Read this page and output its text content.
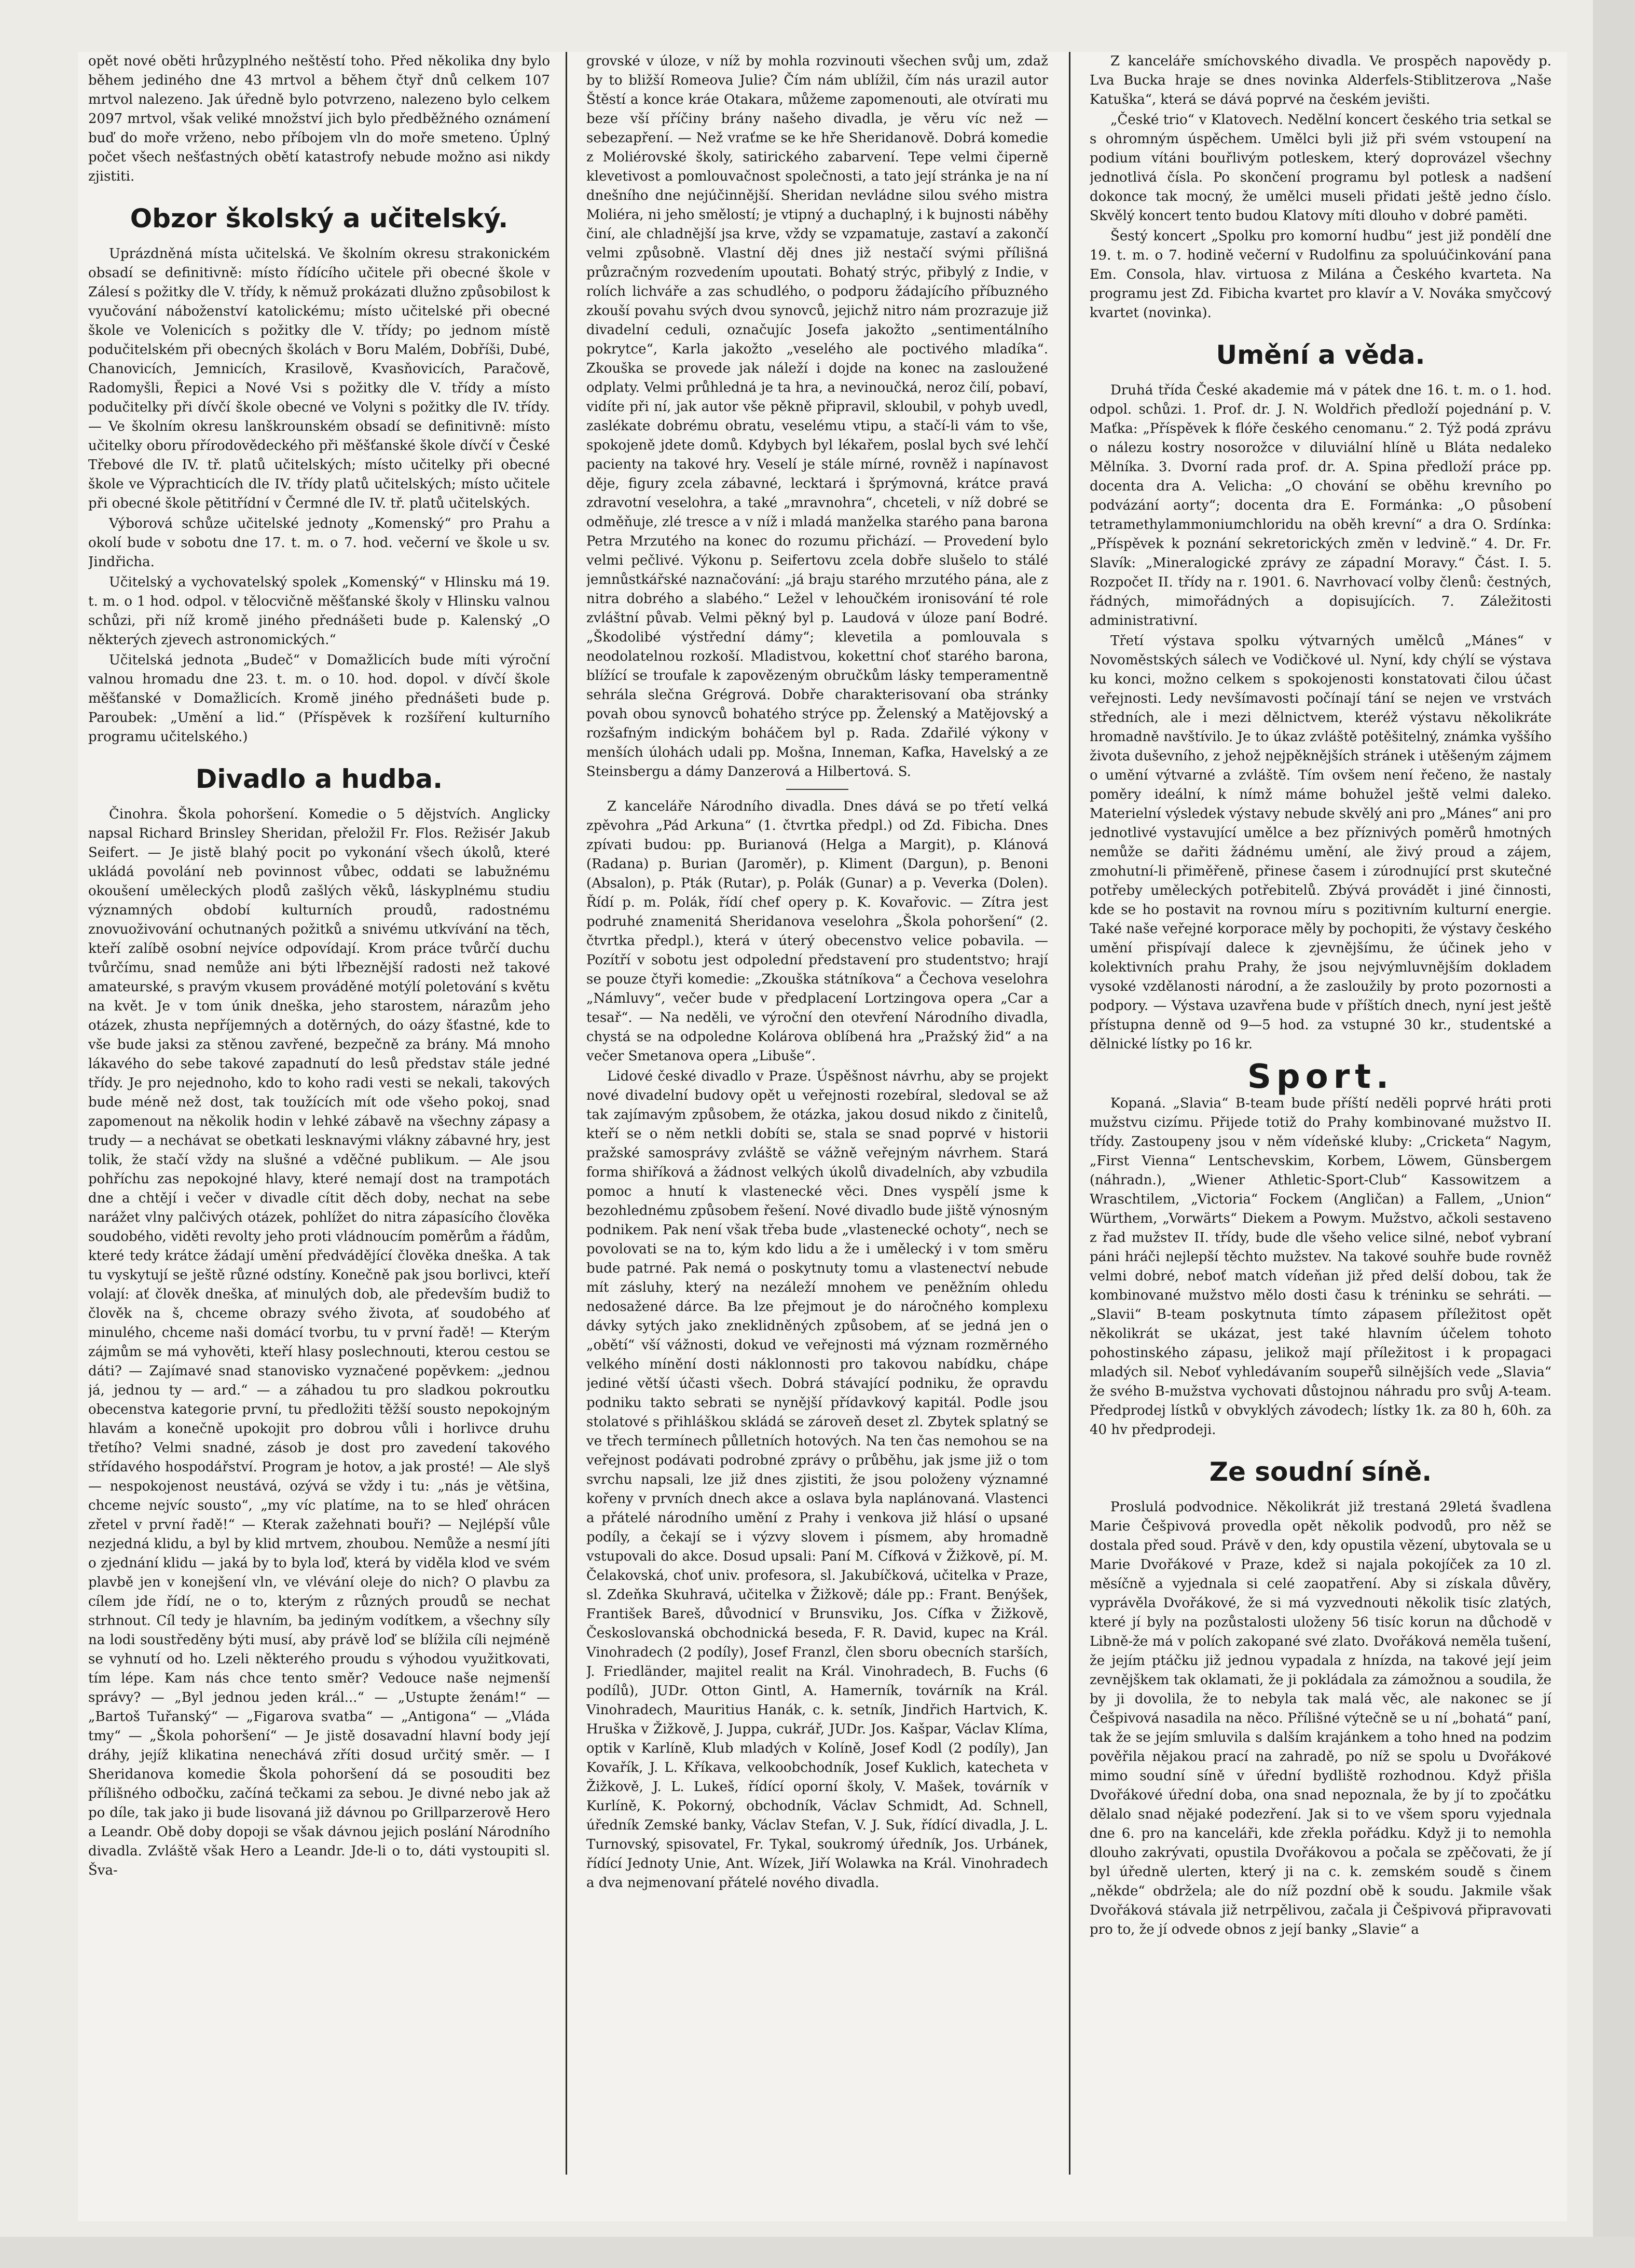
opět nové oběti hrůzyplného neštěstí toho. Před několika dny bylo během jediného dne 43 mrtvol a během čtyř dnů celkem 107 mrtvol nalezeno. Jak úředně bylo potvrzeno, nalezeno bylo celkem 2097 mrtvol, však veliké množství jich bylo předběžného oznámení buď do moře vrženo, nebo příbojem vln do moře smeteno. Úplný počet všech nešťastných obětí katastrofy nebude možno asi nikdy zjistiti.

Obzor školský a učitelský.

Uprázdněná místa učitelská. Ve školním okresu strakonickém obsadí se definitivně: místo řídícího učitele při obecné škole v Zálesí s požitky dle V. třídy, k němuž prokázati dlužno způsobilost k vyučování náboženství katolickému; místo učitelské při obecné škole ve Volenicích s požitky dle V. třídy; po jednom místě podučitelském při obecných školách v Boru Malém, Dobříši, Dubé, Chanovicích, Jemnicích, Krasilově, Kvasňovicích, Paračově, Radomyšli, Řepici a Nové Vsi s požitky dle V. třídy a místo podučitelky při dívčí škole obecné ve Volyni s požitky dle IV. třídy. — Ve školním okresu lanškrounském obsadí se definitivně: místo učitelky oboru přírodovědeckého při měšťanské škole dívčí v České Třebové dle IV. tř. platů učitelských; místo učitelky při obecné škole ve Výprachticích dle IV. třídy platů učitelských; místo učitele při obecné škole pětitřídní v Čermné dle IV. tř. platů učitelských.

Výborová schůze učitelské jednoty „Komenský“ pro Prahu a okolí bude v sobotu dne 17. t. m. o 7. hod. večerní ve škole u sv. Jindřicha.

Učitelský a vychovatelský spolek „Komenský“ v Hlinsku má 19. t. m. o 1 hod. odpol. v tělocvičně měšťanské školy v Hlinsku valnou schůzi, při níž kromě jiného přednášeti bude p. Kalenský „O některých zjevech astronomických.“

Učitelská jednota „Budeč“ v Domažlicích bude míti výroční valnou hromadu dne 23. t. m. o 10. hod. dopol. v dívčí škole měšťanské v Domažlicích. Kromě jiného přednášeti bude p. Paroubek: „Umění a lid.“ (Příspěvek k rozšíření kulturního programu učitelského.)

Divadlo a hudba.

Činohra. Škola pohoršení. Komedie o 5 dějstvích. Anglicky napsal Richard Brinsley Sheridan, přeložil Fr. Flos. Režisér Jakub Seifert. — Je jistě blahý pocit po vykonání všech úkolů, které ukládá povolání neb povinnost vůbec, oddati se labužnému okoušení uměleckých plodů zašlých věků, láskyplnému studiu významných období kulturních proudů, radostnému znovuoživování ochutnaných požitků a snivému utkvívání na těch, kteří zalíbě osobní nejvíce odpovídají. Krom práce tvůrčí duchu tvůrčímu, snad nemůže ani býti lřbeznější radosti než takové amateurské, s pravým vkusem prováděné motýlí poletování s květu na květ. Je v tom únik dneška, jeho starostem, nárazům jeho otázek, zhusta nepříjemných a dotěrných, do oázy šťastné, kde to vše bude jaksi za stěnou zavřené, bezpečně za brány. Má mnoho lákavého do sebe takové zapadnutí do lesů představ stále jedné třídy. Je pro nejednoho, kdo to koho radi vesti se nekali, takových bude méně než dost, tak toužících mít ode všeho pokoj, snad zapomenout na několik hodin v lehké zábavě na všechny zápasy a trudy — a nechávat se obetkati lesknavými vlákny zábavné hry, jest tolik, že stačí vždy na slušné a vděčné publikum. — Ale jsou pohříchu zas nepokojné hlavy, které nemají dost na trampotách dne a chtějí i večer v divadle cítit děch doby, nechat na sebe narážet vlny palčivých otázek, pohlížet do nitra zápasícího člověka soudobého, viděti revolty jeho proti vládnoucím poměrům a řádům, které tedy krátce žádají umění předvádějící člověka dneška. A tak tu vyskytují se ještě různé odstíny. Konečně pak jsou borlivci, kteří volají: ať člověk dneška, ať minulých dob, ale především budiž to člověk na š, chceme obrazy svého života, ať soudobého ať minulého, chceme naši domácí tvorbu, tu v první řadě! — Kterým zájmům se má vyhověti, kteří hlasy poslechnouti, kterou cestou se dáti? — Zajímavé snad stanovisko vyznačené popěvkem: „jednou já, jednou ty — ard.“ — a záhadou tu pro sladkou pokroutku obecenstva kategorie první, tu předložiti těžší sousto nepokojným hlavám a konečně upokojit pro dobrou vůli i horlivce druhu třetího? Velmi snadné, zásob je dost pro zavedení takového střídavého hospodářství. Program je hotov, a jak prosté! — Ale slyš — nespokojenost neustává, ozývá se vždy i tu: „nás je většina, chceme nejvíc sousto“, „my víc platíme, na to se hleď ohrácen zřetel v první řadě!“ — Kterak zažehnati bouři? — Nejlépší vůle nezjedná klidu, a byl by klid mrtvem, zhoubou. Nemůže a nesmí jíti o zjednání klidu — jaká by to byla loď, která by viděla klod ve svém plavbě jen v konejšení vln, ve vlévání oleje do nich? O plavbu za cílem jde řídí, ne o to, kterým z různých proudů se nechat strhnout. Cíl tedy je hlavním, ba jediným vodítkem, a všechny síly na lodi soustředěny býti musí, aby právě loď se blížila cíli nejméně se vyhnutí od ho. Lzeli některého proudu s výhodou využitkovati, tím lépe. Kam nás chce tento směr? Vedouce naše nejmenší správy? — „Byl jednou jeden král...“ — „Ustupte ženám!“ — „Bartoš Tuřanský“ — „Figarova svatba“ — „Antigona“ — „Vláda tmy“ — „Škola pohoršení“ — Je jistě dosavadní hlavní body její dráhy, jejíž klikatina nenechává zříti dosud určitý směr. — I Sheridanova komedie Škola pohoršení dá se posouditi bez přílišného odbočku, začíná tečkami za sebou. Je divné nebo jak až po díle, tak jako ji bude lisovaná již dávnou po Grillparzerově Hero a Leandr. Obě doby dopoji se však dávnou jejich poslání Národního divadla. Zvláště však Hero a Leandr. Jde-li o to, dáti vystoupiti sl. Šva-

grovské v úloze, v níž by mohla rozvinouti všechen svůj um, zdaž by to bližší Romeova Julie? Čím nám ublížil, čím nás urazil autor Štěstí a konce kráe Otakara, můžeme zapomenouti, ale otvírati mu beze vší příčiny brány našeho divadla, je věru víc než — sebezapření. — Než vraťme se ke hře Sheridanově. Dobrá komedie z Moliérovské školy, satirického zabarvení. Tepe velmi čiperně klevetivost a pomlouvačnost společnosti, a tato její stránka je na ní dnešního dne nejúčinnější. Sheridan nevládne silou svého mistra Moliéra, ni jeho smělostí; je vtipný a duchaplný, i k bujnosti náběhy činí, ale chladnější jsa krve, vždy se vzpamatuje, zastaví a zakončí velmi způsobně. Vlastní děj dnes již nestačí svými přílišná průzračným rozvedením upoutati. Bohatý strýc, přibylý z Indie, v rolích lichváře a zas schudlého, o podporu žádajícího příbuzného zkouší povahu svých dvou synovců, jejichž nitro nám prozrazuje již divadelní ceduli, označujíc Josefa jakožto „sentimentálního pokrytce“, Karla jakožto „veselého ale poctivého mladíka“. Zkouška se provede jak náleží i dojde na konec na zasloužené odplaty. Velmi průhledná je ta hra, a nevinoučká, neroz čilí, pobaví, vidíte při ní, jak autor vše pěkně připravil, skloubil, v pohyb uvedl, zaslékate dobrému obratu, veselému vtipu, a stačí-li vám to vše, spokojeně jdete domů. Kdybych byl lékařem, poslal bych své lehčí pacienty na takové hry. Veselí je stále mírné, rovněž i napínavost děje, figury zcela zábavné, lecktará i šprýmovná, krátce pravá zdravotní veselohra, a také „mravnohra“, chceteli, v níž dobré se odměňuje, zlé tresce a v níž i mladá manželka starého pana barona Petra Mrzutého na konec do rozumu přichází. — Provedení bylo velmi pečlivé. Výkonu p. Seifertovu zcela dobře slušelo to stálé jemnůstkářské naznačování: „já braju starého mrzutého pána, ale z nitra dobrého a slabého.“ Ležel v lehoučkém ironisování té role zvláštní půvab. Velmi pěkný byl p. Laudová v úloze paní Bodré. „Škodolibé výstřední dámy“; klevetila a pomlouvala s neodolatelnou rozkoší. Mladistvou, kokettní choť starého barona, blížící se troufale k zapovězeným obručkům lásky temperamentně sehrála slečna Grégrová. Dobře charakterisovaní oba stránky povah obou synovců bohatého strýce pp. Želenský a Matějovský a rozšafným indickým boháčem byl p. Rada. Zdařilé výkony v menších úlohách udali pp. Mošna, Inneman, Kafka, Havelský a ze Steinsbergu a dámy Danzerová a Hilbertová. S.

Z kanceláře Národního divadla. Dnes dává se po třetí velká zpěvohra „Pád Arkuna“ (1. čtvrtka předpl.) od Zd. Fibicha. Dnes zpívati budou: pp. Burianová (Helga a Margit), p. Klánová (Radana) p. Burian (Jaroměr), p. Kliment (Dargun), p. Benoni (Absalon), p. Pták (Rutar), p. Polák (Gunar) a p. Veverka (Dolen). Řídí p. m. Polák, řídí chef opery p. K. Kovařovic. — Zítra jest podruhé znamenitá Sheridanova veselohra „Škola pohoršení“ (2. čtvrtka předpl.), která v úterý obecenstvo velice pobavila. — Pozítří v sobotu jest odpolední představení pro studentstvo; hrají se pouze čtyři komedie: „Zkouška státníkova“ a Čechova veselohra „Námluvy“, večer bude v předplacení Lortzingova opera „Car a tesař“. — Na neděli, ve výroční den otevření Národního divadla, chystá se na odpoledne Kolárova oblíbená hra „Pražský žid“ a na večer Smetanova opera „Libuše“.

Lidové české divadlo v Praze. Úspěšnost návrhu, aby se projekt nové divadelní budovy opět u veřejnosti rozebíral, sledoval se až tak zajímavým způsobem, že otázka, jakou dosud nikdo z činitelů, kteří se o něm netkli dobíti se, stala se snad poprvé v historii pražské samosprávy zvláště se vážně veřejným návrhem. Stará forma shiříková a žádnost velkých úkolů divadelních, aby vzbudila pomoc a hnutí k vlastenecké věci. Dnes vyspělí jsme k bezohlednému způsobem řešení. Nové divadlo bude jiště výnosným podnikem. Pak není však třeba bude „vlastenecké ochoty“, nech se povolovati se na to, kým kdo lidu a že i umělecký i v tom směru bude patrné. Pak nemá o poskytnuty tomu a vlastenectví nebude mít zásluhy, který na nezáleží mnohem ve peněžním ohledu nedosažené dárce. Ba lze přejmout je do náročného komplexu dávky sytých jako zneklidněných způsobem, ať se jedná jen o „obětí“ vší vážnosti, dokud ve veřejnosti má význam rozměrného velkého mínění dosti náklonnosti pro takovou nabídku, chápe jediné větší účasti všech. Dobrá stávající podniku, že opravdu podniku takto sebrati se nynější přídavkový kapitál. Podle jsou stolatové s přihláškou skládá se zároveň deset zl. Zbytek splatný se ve třech termínech půlletních hotových. Na ten čas nemohou se na veřejnost podávati podrobné zprávy o průběhu, jak jsme již o tom svrchu napsali, lze již dnes zjistiti, že jsou položeny významné kořeny v prvních dnech akce a oslava byla naplánovaná. Vlastenci a přátelé národního umění z Prahy i venkova již hlásí o upsané podíly, a čekají se i výzvy slovem i písmem, aby hromadně vstupovali do akce. Dosud upsali: Paní M. Cífková v Žižkově, pí. M. Čelakovská, choť univ. profesora, sl. Jakubíčková, učitelka v Praze, sl. Zdeňka Skuhravá, učitelka v Žižkově; dále pp.: Frant. Benýšek, František Bareš, důvodnicí v Brunsviku, Jos. Cífka v Žižkově, Českoslovanská obchodnická beseda, F. R. David, kupec na Král. Vinohradech (2 podíly), Josef Franzl, člen sboru obecních starších, J. Friedländer, majitel realit na Král. Vinohradech, B. Fuchs (6 podílů), JUDr. Otton Gintl, A. Hamerník, továrník na Král. Vinohradech, Mauritius Hanák, c. k. setník, Jindřich Hartvich, K. Hruška v Žižkově, J. Juppa, cukrář, JUDr. Jos. Kašpar, Václav Klíma, optik v Karlíně, Klub mladých v Kolíně, Josef Kodl (2 podíly), Jan Kovařík, J. L. Kříkava, velkoobchodník, Josef Kuklich, katecheta v Žižkově, J. L. Lukeš, řídící oporní školy, V. Mašek, továrník v Kurlíně, K. Pokorný, obchodník, Václav Schmidt, Ad. Schnell, úředník Zemské banky, Václav Stefan, V. J. Suk, řídící divadla, J. L. Turnovský, spisovatel, Fr. Tykal, soukromý úředník, Jos. Urbánek, řídící Jednoty Unie, Ant. Wízek, Jiří Wolawka na Král. Vinohradech a dva nejmenovaní přátelé nového divadla.

Z kanceláře smíchovského divadla. Ve prospěch napovědy p. Lva Bucka hraje se dnes novinka Alderfels-Stiblitzerova „Naše Katuška“, která se dává poprvé na českém jevišti.

„České trio“ v Klatovech. Nedělní koncert českého tria setkal se s ohromným úspěchem. Umělci byli již při svém vstoupení na podium vítáni bouřlivým potleskem, který doprovázel všechny jednotlivá čísla. Po skončení programu byl potlesk a nadšení dokonce tak mocný, že umělci museli přidati ještě jedno číslo. Skvělý koncert tento budou Klatovy míti dlouho v dobré paměti.

Šestý koncert „Spolku pro komorní hudbu“ jest již pondělí dne 19. t. m. o 7. hodině večerní v Rudolfinu za spoluúčinkování pana Em. Consola, hlav. virtuosa z Milána a Českého kvarteta. Na programu jest Zd. Fibicha kvartet pro klavír a V. Nováka smyčcový kvartet (novinka).

Umění a věda.

Druhá třída České akademie má v pátek dne 16. t. m. o 1. hod. odpol. schůzi. 1. Prof. dr. J. N. Woldřich předloží pojednání p. V. Maťka: „Příspěvek k flóře českého cenomanu.“ 2. Týž podá zprávu o nálezu kostry nosorožce v diluviální hlíně u Bláta nedaleko Mělníka. 3. Dvorní rada prof. dr. A. Spina předloží práce pp. docenta dra A. Velicha: „O chování se oběhu krevního po podvázání aorty“; docenta dra E. Formánka: „O působení tetramethylammoniumchloridu na oběh krevní“ a dra O. Srdínka: „Příspěvek k poznání sekretorických změn v ledvině.“ 4. Dr. Fr. Slavík: „Mineralogické zprávy ze západní Moravy.“ Část. I. 5. Rozpočet II. třídy na r. 1901. 6. Navrhovací volby členů: čestných, řádných, mimořádných a dopisujících. 7. Záležitosti administrativní.

Třetí výstava spolku výtvarných umělců „Mánes“ v Novoměstských sálech ve Vodičkové ul. Nyní, kdy chýlí se výstava ku konci, možno celkem s spokojenosti konstatovati čilou účast veřejnosti. Ledy nevšímavosti počínají tání se nejen ve vrstvách středních, ale i mezi dělnictvem, kteréž výstavu několikráte hromadně navštívilo. Je to úkaz zvláště potěšitelný, známka vyššího života duševního, z jehož nejpěknějších stránek i utěšeným zájmem o umění výtvarné a zvláště. Tím ovšem není řečeno, že nastaly poměry ideální, k nímž máme bohužel ještě velmi daleko. Materielní výsledek výstavy nebude skvělý ani pro „Mánes“ ani pro jednotlivé vystavující umělce a bez příznivých poměrů hmotných nemůže se dařiti žádnému umění, ale živý proud a zájem, zmohutní-li přiměřeně, přinese časem i zúrodnující prst skutečné potřeby uměleckých potřebitelů. Zbývá provádět i jiné činnosti, kde se ho postavit na rovnou míru s pozitivním kulturní energie. Také naše veřejné korporace měly by pochopiti, že výstavy českého umění přispívají dalece k zjevnějšímu, že účinek jeho v kolektivních prahu Prahy, že jsou nejvýmluvnějším dokladem vysoké vzdělanosti národní, a že zasloužily by proto pozornosti a podpory. — Výstava uzavřena bude v příštích dnech, nyní jest ještě přístupna denně od 9—5 hod. za vstupné 30 kr., studentské a dělnické lístky po 16 kr.

Sport.

Kopaná. „Slavia“ B-team bude příští neděli poprvé hráti proti mužstvu cizímu. Přijede totiž do Prahy kombinované mužstvo II. třídy. Zastoupeny jsou v něm vídeňské kluby: „Cricketa“ Nagym, „First Vienna“ Lentschevskim, Korbem, Löwem, Günsbergem (náhradn.), „Wiener Athletic-Sport-Club“ Kassowitzem a Wraschtilem, „Victoria“ Fockem (Angličan) a Fallem, „Union“ Würthem, „Vorwärts“ Diekem a Powym. Mužstvo, ačkoli sestaveno z řad mužstev II. třídy, bude dle všeho velice silné, neboť vybraní páni hráči nejlepší těchto mužstev. Na takové souhře bude rovněž velmi dobré, neboť match vídeňan již před delší dobou, tak že kombinované mužstvo mělo dosti času k tréninku se sehráti. — „Slavii“ B-team poskytnuta tímto zápasem příležitost opět několikrát se ukázat, jest také hlavním účelem tohoto pohostinského zápasu, jelikož mají příležitost i k propagaci mladých sil. Neboť vyhledávaním soupeřů silnějších vede „Slavia“ že svého B-mužstva vychovati důstojnou náhradu pro svůj A-team. Předprodej lístků v obvyklých závodech; lístky 1k. za 80 h, 60h. za 40 hv předprodeji.

Ze soudní síně.

Proslulá podvodnice. Několikrát již trestaná 29letá švadlena Marie Češpivová provedla opět několik podvodů, pro něž se dostala před soud. Právě v den, kdy opustila vězení, ubytovala se u Marie Dvořákové v Praze, kdež si najala pokojíček za 10 zl. měsíčně a vyjednala si celé zaopatření. Aby si získala důvěry, vyprávěla Dvořákové, že si má vyzvednouti několik tisíc zlatých, které jí byly na pozůstalosti uloženy 56 tisíc korun na důchodě v Libně-že má v polích zakopané své zlato. Dvořáková neměla tušení, že jejím ptáčku již jednou vypadala z hnízda, na takové její jeim zevnějškem tak oklamati, že ji pokládala za zámožnou a soudila, že by ji dovolila, že to nebyla tak malá věc, ale nakonec se jí Češpivová nasadila na něco. Přílišné výtečně se u ní „bohatá“ paní, tak že se jejím smluvila s dalším krajánkem a toho hned na podzim pověřila nějakou prací na zahradě, po níž se spolu u Dvořákové mimo soudní síně v úřední bydliště rozhodnou. Když přišla Dvořákové úřední doba, ona snad nepoznala, že by jí to zpočátku dělalo snad nějaké podezření. Jak si to ve všem sporu vyjednala dne 6. pro na kanceláři, kde zřekla pořádku. Když ji to nemohla dlouho zakrývati, opustila Dvořákovou a počala se zpěčovati, že jí byl úředně ulerten, který ji na c. k. zemském soudě s činem „někde“ obdržela; ale do níž pozdní obě k soudu. Jakmile však Dvořáková stávala již netrpělivou, začala ji Češpivová připravovati pro to, že jí odvede obnos z její banky „Slavie“ a
